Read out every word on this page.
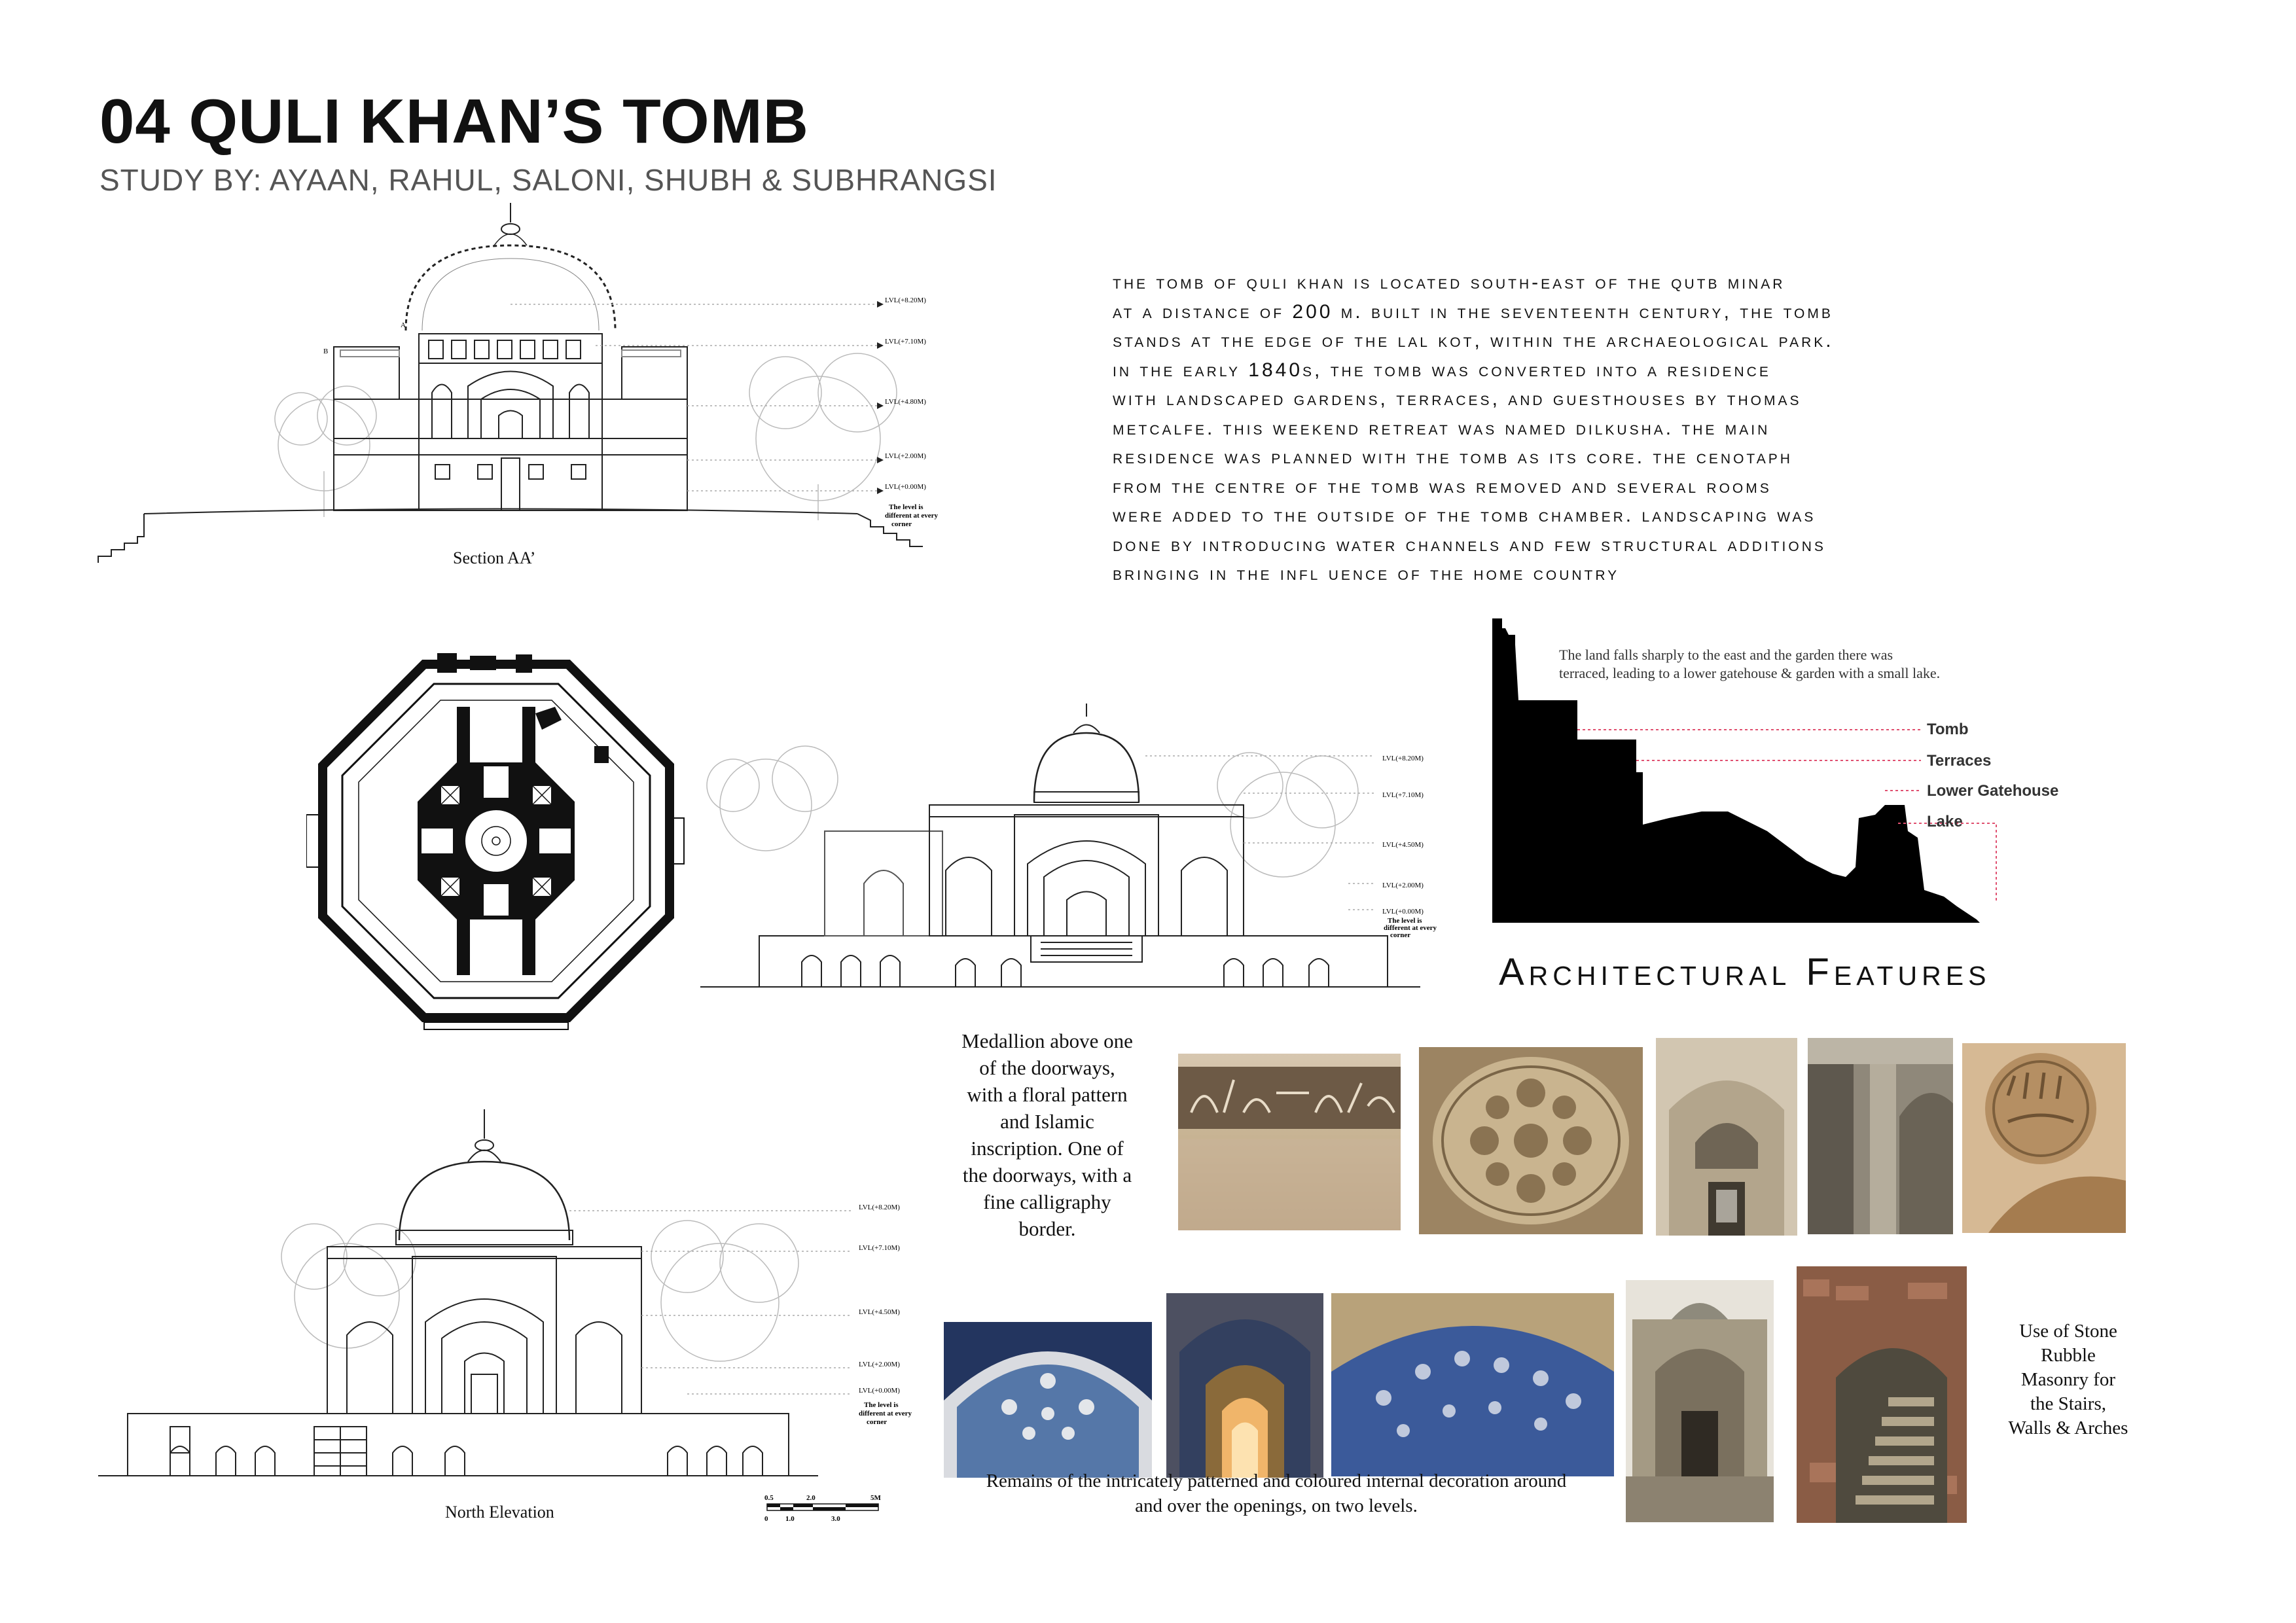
04 QULI KHAN’S TOMB
STUDY BY: AYAAN, RAHUL, SALONI, SHUBH & SUBHRANGSI
the tomb of quli khan is located south-east of the qutb minar
at a distance of 200 m. built in the seventeenth century, the tomb
stands at the edge of the lal kot, within the archaeological park.
in the early 1840s, the tomb was converted into a residence
with landscaped gardens, terraces, and guesthouses by thomas
metcalfe. this weekend retreat was named dilkusha. the main
residence was planned with the tomb as its core. the cenotaph
from the centre of the tomb was removed and several rooms
were added to the outside of the tomb chamber. landscaping was
done by introducing water channels and few structural additions
bringing in the infl uence of the home country
A
B
LVL(+8.20M)
LVL(+7.10M)
LVL(+4.80M)
LVL(+2.00M)
LVL(+0.00M)
The level is
different at every
corner
Section AA’
LVL(+8.20M)
LVL(+7.10M)
LVL(+4.50M)
LVL(+2.00M)
LVL(+0.00M)
The level is
different at every
corner
LVL(+8.20M)
LVL(+7.10M)
LVL(+4.50M)
LVL(+2.00M)
LVL(+0.00M)
The level is
different at every
corner
North Elevation
0.5	2.0	5M
0 1.0	3.0
The land falls sharply to the east and the garden there was
terraced, leading to a lower gatehouse & garden with a small lake.
Tomb
Terraces
Lower Gatehouse
Lake
Architectural Features
Medallion above one
of the doorways,
with a floral pattern
and Islamic
inscription. One of
the doorways, with a
fine calligraphy
border.
Remains of the intricately patterned and coloured internal decoration around
and over the openings, on two levels.
Use of Stone
Rubble
Masonry for
the Stairs,
Walls & Arches
